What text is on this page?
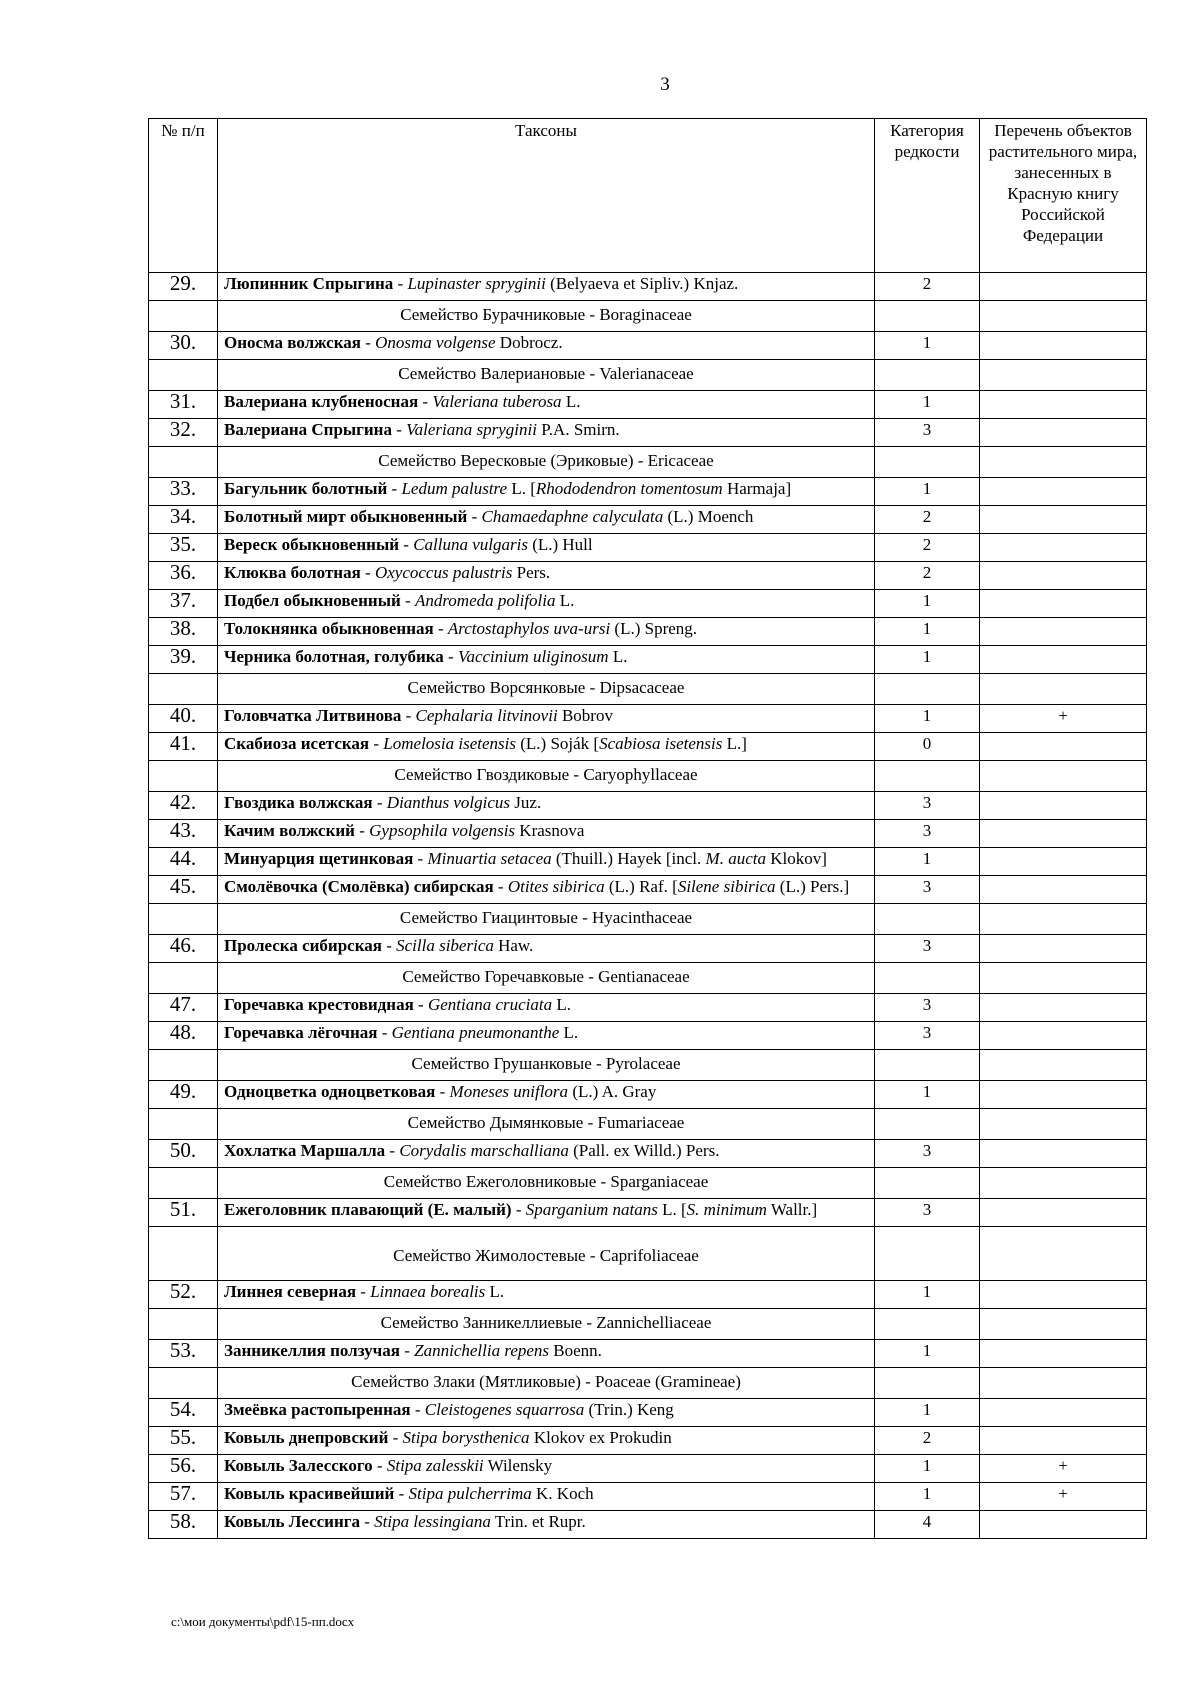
3
№ п/п	Таксоны	Категория редкости	Перечень объектов растительного мира, занесенных в Красную книгу Российской Федерации
29.	Люпинник Спрыгина - Lupinaster spryginii (Belyaeva et Sipliv.) Knjaz.	2	
	Семейство Бурачниковые - Boraginaceae		
30.	Оносма волжская - Onosma volgense Dobrocz.	1	
	Семейство Валериановые - Valerianaceae		
31.	Валериана клубненосная - Valeriana tuberosa L.	1	
32.	Валериана Спрыгина - Valeriana spryginii P.A. Smirn.	3	
	Семейство Вересковые (Эриковые) - Ericaceae		
33.	Багульник болотный - Ledum palustre L. [Rhododendron tomentosum Harmaja]	1	
34.	Болотный мирт обыкновенный - Chamaedaphne calyculata (L.) Moench	2	
35.	Вереск обыкновенный - Calluna vulgaris (L.) Hull	2	
36.	Клюква болотная - Oxycoccus palustris Pers.	2	
37.	Подбел обыкновенный - Andromeda polifolia L.	1	
38.	Толокнянка обыкновенная - Arctostaphylos uva-ursi (L.) Spreng.	1	
39.	Черника болотная, голубика - Vaccinium uliginosum L.	1	
	Семейство Ворсянковые - Dipsacaceae		
40.	Головчатка Литвинова - Cephalaria litvinovii Bobrov	1	+
41.	Скабиоза исетская - Lomelosia isetensis (L.) Soják [Scabiosa isetensis L.]	0	
	Семейство Гвоздиковые - Caryophyllaceae		
42.	Гвоздика волжская - Dianthus volgicus Juz.	3	
43.	Качим волжский - Gypsophila volgensis Krasnova	3	
44.	Минуарция щетинковая - Minuartia setacea (Thuill.) Hayek [incl. M. aucta Klokov]	1	
45.	Смолёвочка (Смолёвка) сибирская - Otites sibirica (L.) Raf. [Silene sibirica (L.) Pers.]	3	
	Семейство Гиацинтовые - Hyacinthaceae		
46.	Пролеска сибирская - Scilla siberica Haw.	3	
	Семейство Горечавковые - Gentianaceae		
47.	Горечавка крестовидная - Gentiana cruciata L.	3	
48.	Горечавка лёгочная - Gentiana pneumonanthe L.	3	
	Семейство Грушанковые - Pyrolaceae		
49.	Одноцветка одноцветковая - Moneses uniflora (L.) A. Gray	1	
	Семейство Дымянковые - Fumariaceae		
50.	Хохлатка Маршалла - Corydalis marschalliana (Pall. ex Willd.) Pers.	3	
	Семейство Ежеголовниковые - Sparganiaceae		
51.	Ежеголовник плавающий (Е. малый) - Sparganium natans L. [S. minimum Wallr.]	3	
	Семейство Жимолостевые - Caprifoliaceae		
52.	Линнея северная - Linnaea borealis L.	1	
	Семейство Занникеллиевые - Zannichelliaceae		
53.	Занникеллия ползучая - Zannichellia repens Boenn.	1	
	Семейство Злаки (Мятликовые) - Poaceae (Gramineae)		
54.	Змеёвка растопыренная - Cleistogenes squarrosa (Trin.) Keng	1	
55.	Ковыль днепровский - Stipa borysthenica Klokov ex Prokudin	2	
56.	Ковыль Залесского - Stipa zalesskii Wilensky	1	+
57.	Ковыль красивейший - Stipa pulcherrima K. Koch	1	+
58.	Ковыль Лессинга - Stipa lessingiana Trin. et Rupr.	4	
c:\мои документы\pdf\15-пп.docx
